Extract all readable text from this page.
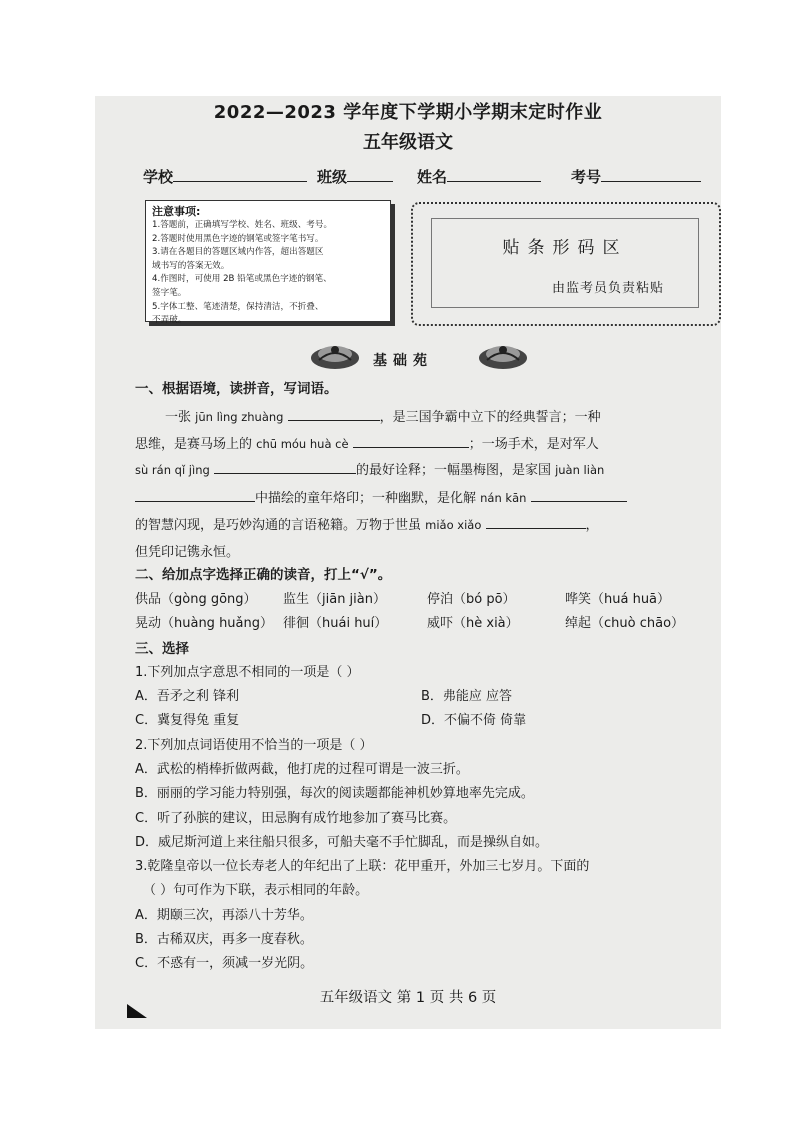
2022—2023 学年度下学期小学期末定时作业
五年级语文
学校	班级	姓名	考号
注意事项:
1.答题前，正确填写学校、姓名、班级、考号。
2.答题时使用黑色字迹的钢笔或签字笔书写。
3.请在各题目的答题区域内作答，超出答题区
域书写的答案无效。
4.作图时，可使用 2B 铅笔或黑色字迹的钢笔、
签字笔。
5.字体工整、笔迹清楚，保持清洁，不折叠、
不弄破。
贴条形码区
由监考员负责粘贴
基础苑
一、根据语境，读拼音，写词语。
一张 jūn lìng zhuàng	，是三国争霸中立下的经典誓言；一种
思维，是赛马场上的 chū móu huà cè	；一场手术，是对军人
sù rán qǐ jìng	的最好诠释；一幅墨梅图，是家国 juàn liàn
中描绘的童年烙印；一种幽默，是化解 nán kān
的智慧闪现，是巧妙沟通的言语秘籍。万物于世虽 miǎo xiǎo	，
但凭印记镌永恒。
二、给加点字选择正确的读音，打上“√”。
供品（gòng gōng） 监生（jiān jiàn）	停泊（bó pō）	哗笑（huá huā）
晃动（huàng huǎng） 徘徊（huái huí）	威吓（hè xià）	绰起（chuò chāo）
三、选择
1.下列加点字意思不相同的一项是（ ）
A．吾矛之利 锋利	B．弗能应 应答
C．冀复得兔 重复	D．不偏不倚 倚靠
2.下列加点词语使用不恰当的一项是（ ）
A．武松的梢棒折做两截，他打虎的过程可谓是一波三折。
B．丽丽的学习能力特别强，每次的阅读题都能神机妙算地率先完成。
C．听了孙膑的建议，田忌胸有成竹地参加了赛马比赛。
D．威尼斯河道上来往船只很多，可船夫毫不手忙脚乱，而是操纵自如。
3.乾隆皇帝以一位长寿老人的年纪出了上联：花甲重开，外加三七岁月。下面的
（ ）句可作为下联，表示相同的年龄。
A．期颐三次，再添八十芳华。
B．古稀双庆，再多一度春秋。
C．不惑有一，须减一岁光阴。
五年级语文 第 1 页 共 6 页
